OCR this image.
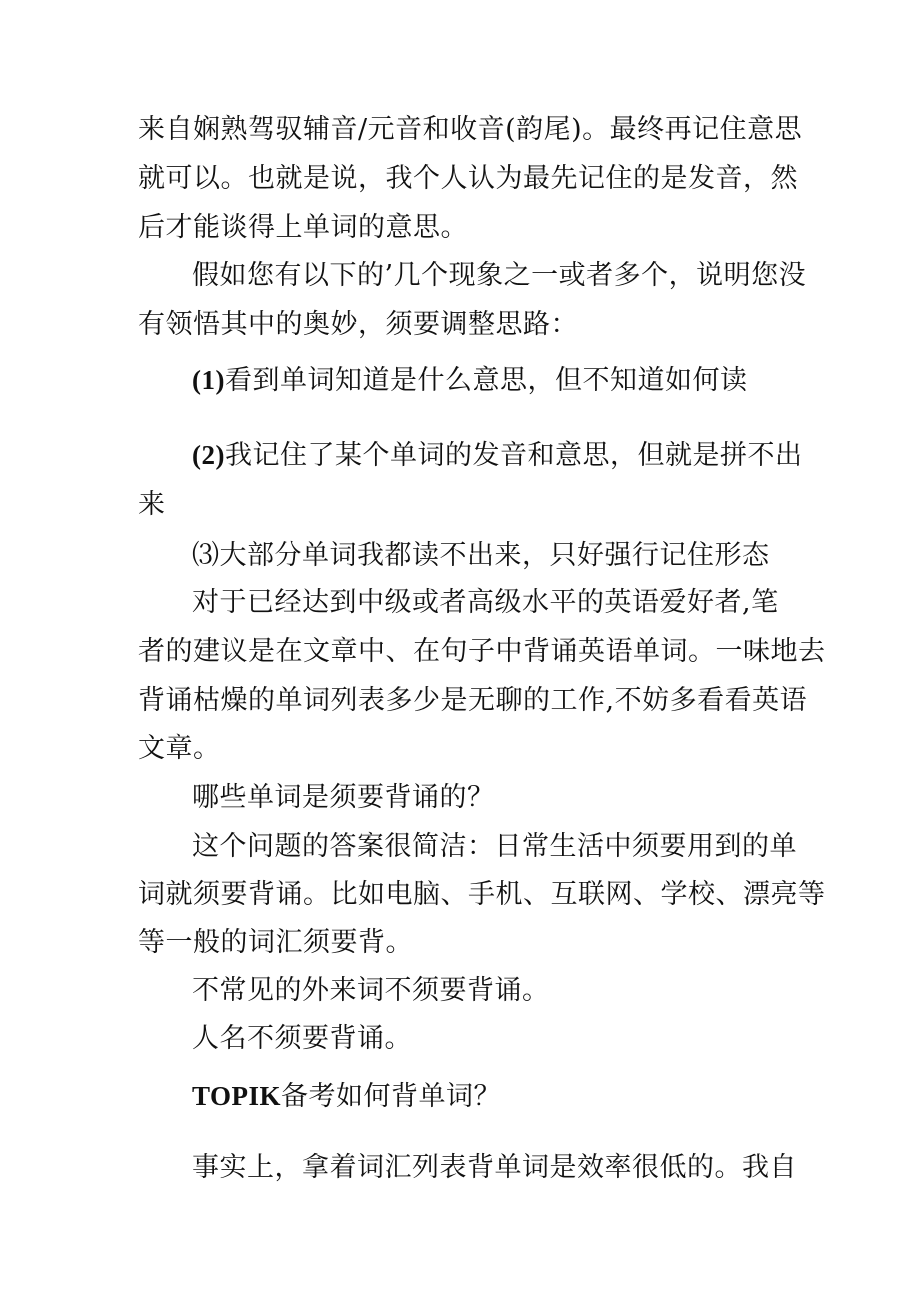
来自娴熟驾驭辅音/元音和收音(韵尾)。最终再记住意思
就可以。也就是说，我个人认为最先记住的是发音，然
后才能谈得上单词的意思。
假如您有以下的’几个现象之一或者多个，说明您没
有领悟其中的奥妙，须要调整思路：
(1)看到单词知道是什么意思，但不知道如何读
(2)我记住了某个单词的发音和意思，但就是拼不出
来
⑶大部分单词我都读不出来，只好强行记住形态
对于已经达到中级或者高级水平的英语爱好者,笔
者的建议是在文章中、在句子中背诵英语单词。一味地去
背诵枯燥的单词列表多少是无聊的工作,不妨多看看英语
文章。
哪些单词是须要背诵的？
这个问题的答案很简洁：日常生活中须要用到的单
词就须要背诵。比如电脑、手机、互联网、学校、漂亮等
等一般的词汇须要背。
不常见的外来词不须要背诵。
人名不须要背诵。
TOPIK备考如何背单词？
事实上，拿着词汇列表背单词是效率很低的。我自
